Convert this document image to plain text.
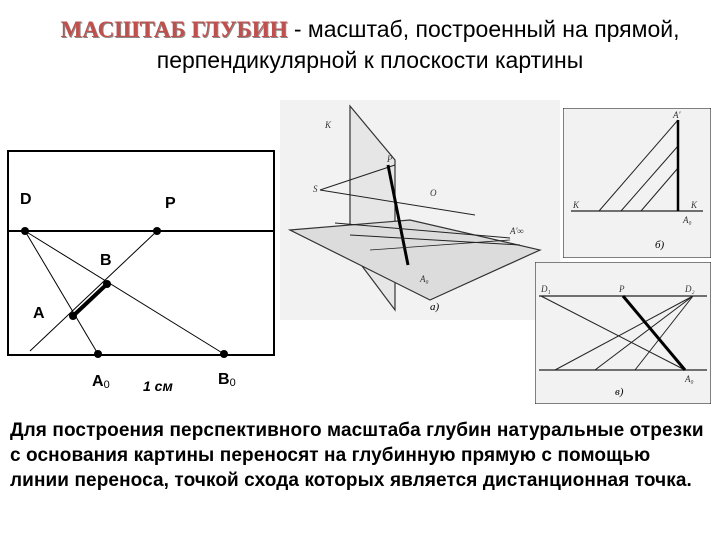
МАСШТАБ ГЛУБИН - масштаб, построенный на прямой, перпендикулярной к плоскости картины
D	P
B
A
A0	B0
1 см
K
S
P
O
A₀
A'∞
а)
K	K
A'
A₀
б)
D₁	P	D₂
A₀
в)
Для построения перспективного масштаба глубин натуральные отрезки с основания картины переносят на глубинную прямую с помощью линии переноса, точкой схода которых является дистанционная точка.
